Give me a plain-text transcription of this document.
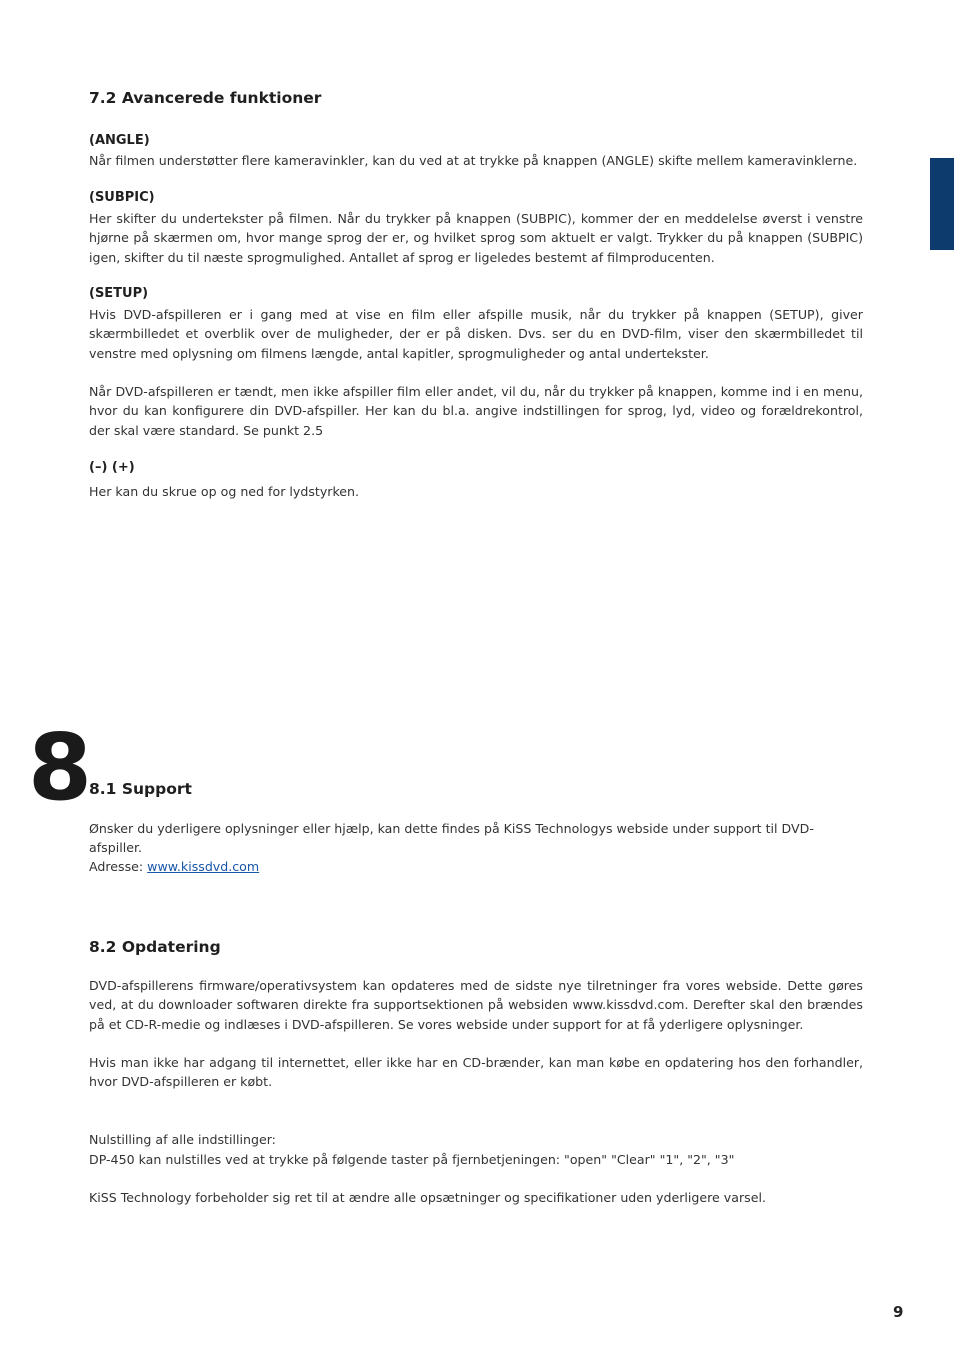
7.2 Avancerede funktioner
(ANGLE)
Når filmen understøtter flere kameravinkler, kan du ved at at trykke på knappen (ANGLE) skifte mellem kameravinklerne.
(SUBPIC)
Her skifter du undertekster på filmen. Når du trykker på knappen (SUBPIC), kommer der en meddelelse øverst i venstre hjørne på skærmen om, hvor mange sprog der er, og hvilket sprog som aktuelt er valgt. Trykker du på knappen (SUBPIC) igen, skifter du til næste sprogmulighed. Antallet af sprog er ligeledes bestemt af filmproducenten.
(SETUP)
Hvis DVD-afspilleren er i gang med at vise en film eller afspille musik, når du trykker på knappen (SETUP), giver skærmbilledet et overblik over de muligheder, der er på disken. Dvs. ser du en DVD-film, viser den skærmbilledet til venstre med oplysning om filmens længde, antal kapitler, sprogmuligheder og antal undertekster.
Når DVD-afspilleren er tændt, men ikke afspiller film eller andet, vil du, når du trykker på knappen, komme ind i en menu, hvor du kan konfigurere din DVD-afspiller. Her kan du bl.a. angive indstillingen for sprog, lyd, video og forældrekontrol, der skal være standard. Se punkt 2.5
(–) (+)
Her kan du skrue op og ned for lydstyrken.
8
8.1 Support
Ønsker du yderligere oplysninger eller hjælp, kan dette findes på KiSS Technologys webside under support til DVD-afspiller.
Adresse: www.kissdvd.com
8.2 Opdatering
DVD-afspillerens firmware/operativsystem kan opdateres med de sidste nye tilretninger fra vores webside. Dette gøres ved, at du downloader softwaren direkte fra supportsektionen på websiden www.kissdvd.com. Derefter skal den brændes på et CD-R-medie og indlæses i DVD-afspilleren. Se vores webside under support for at få yderligere oplysninger.
Hvis man ikke har adgang til internettet, eller ikke har en CD-brænder, kan man købe en opdatering hos den forhandler, hvor DVD-afspilleren er købt.
Nulstilling af alle indstillinger:
DP-450 kan nulstilles ved at trykke på følgende taster på fjernbetjeningen: "open" "Clear" "1", "2", "3"
KiSS Technology forbeholder sig ret til at ændre alle opsætninger og specifikationer uden yderligere varsel.
9
